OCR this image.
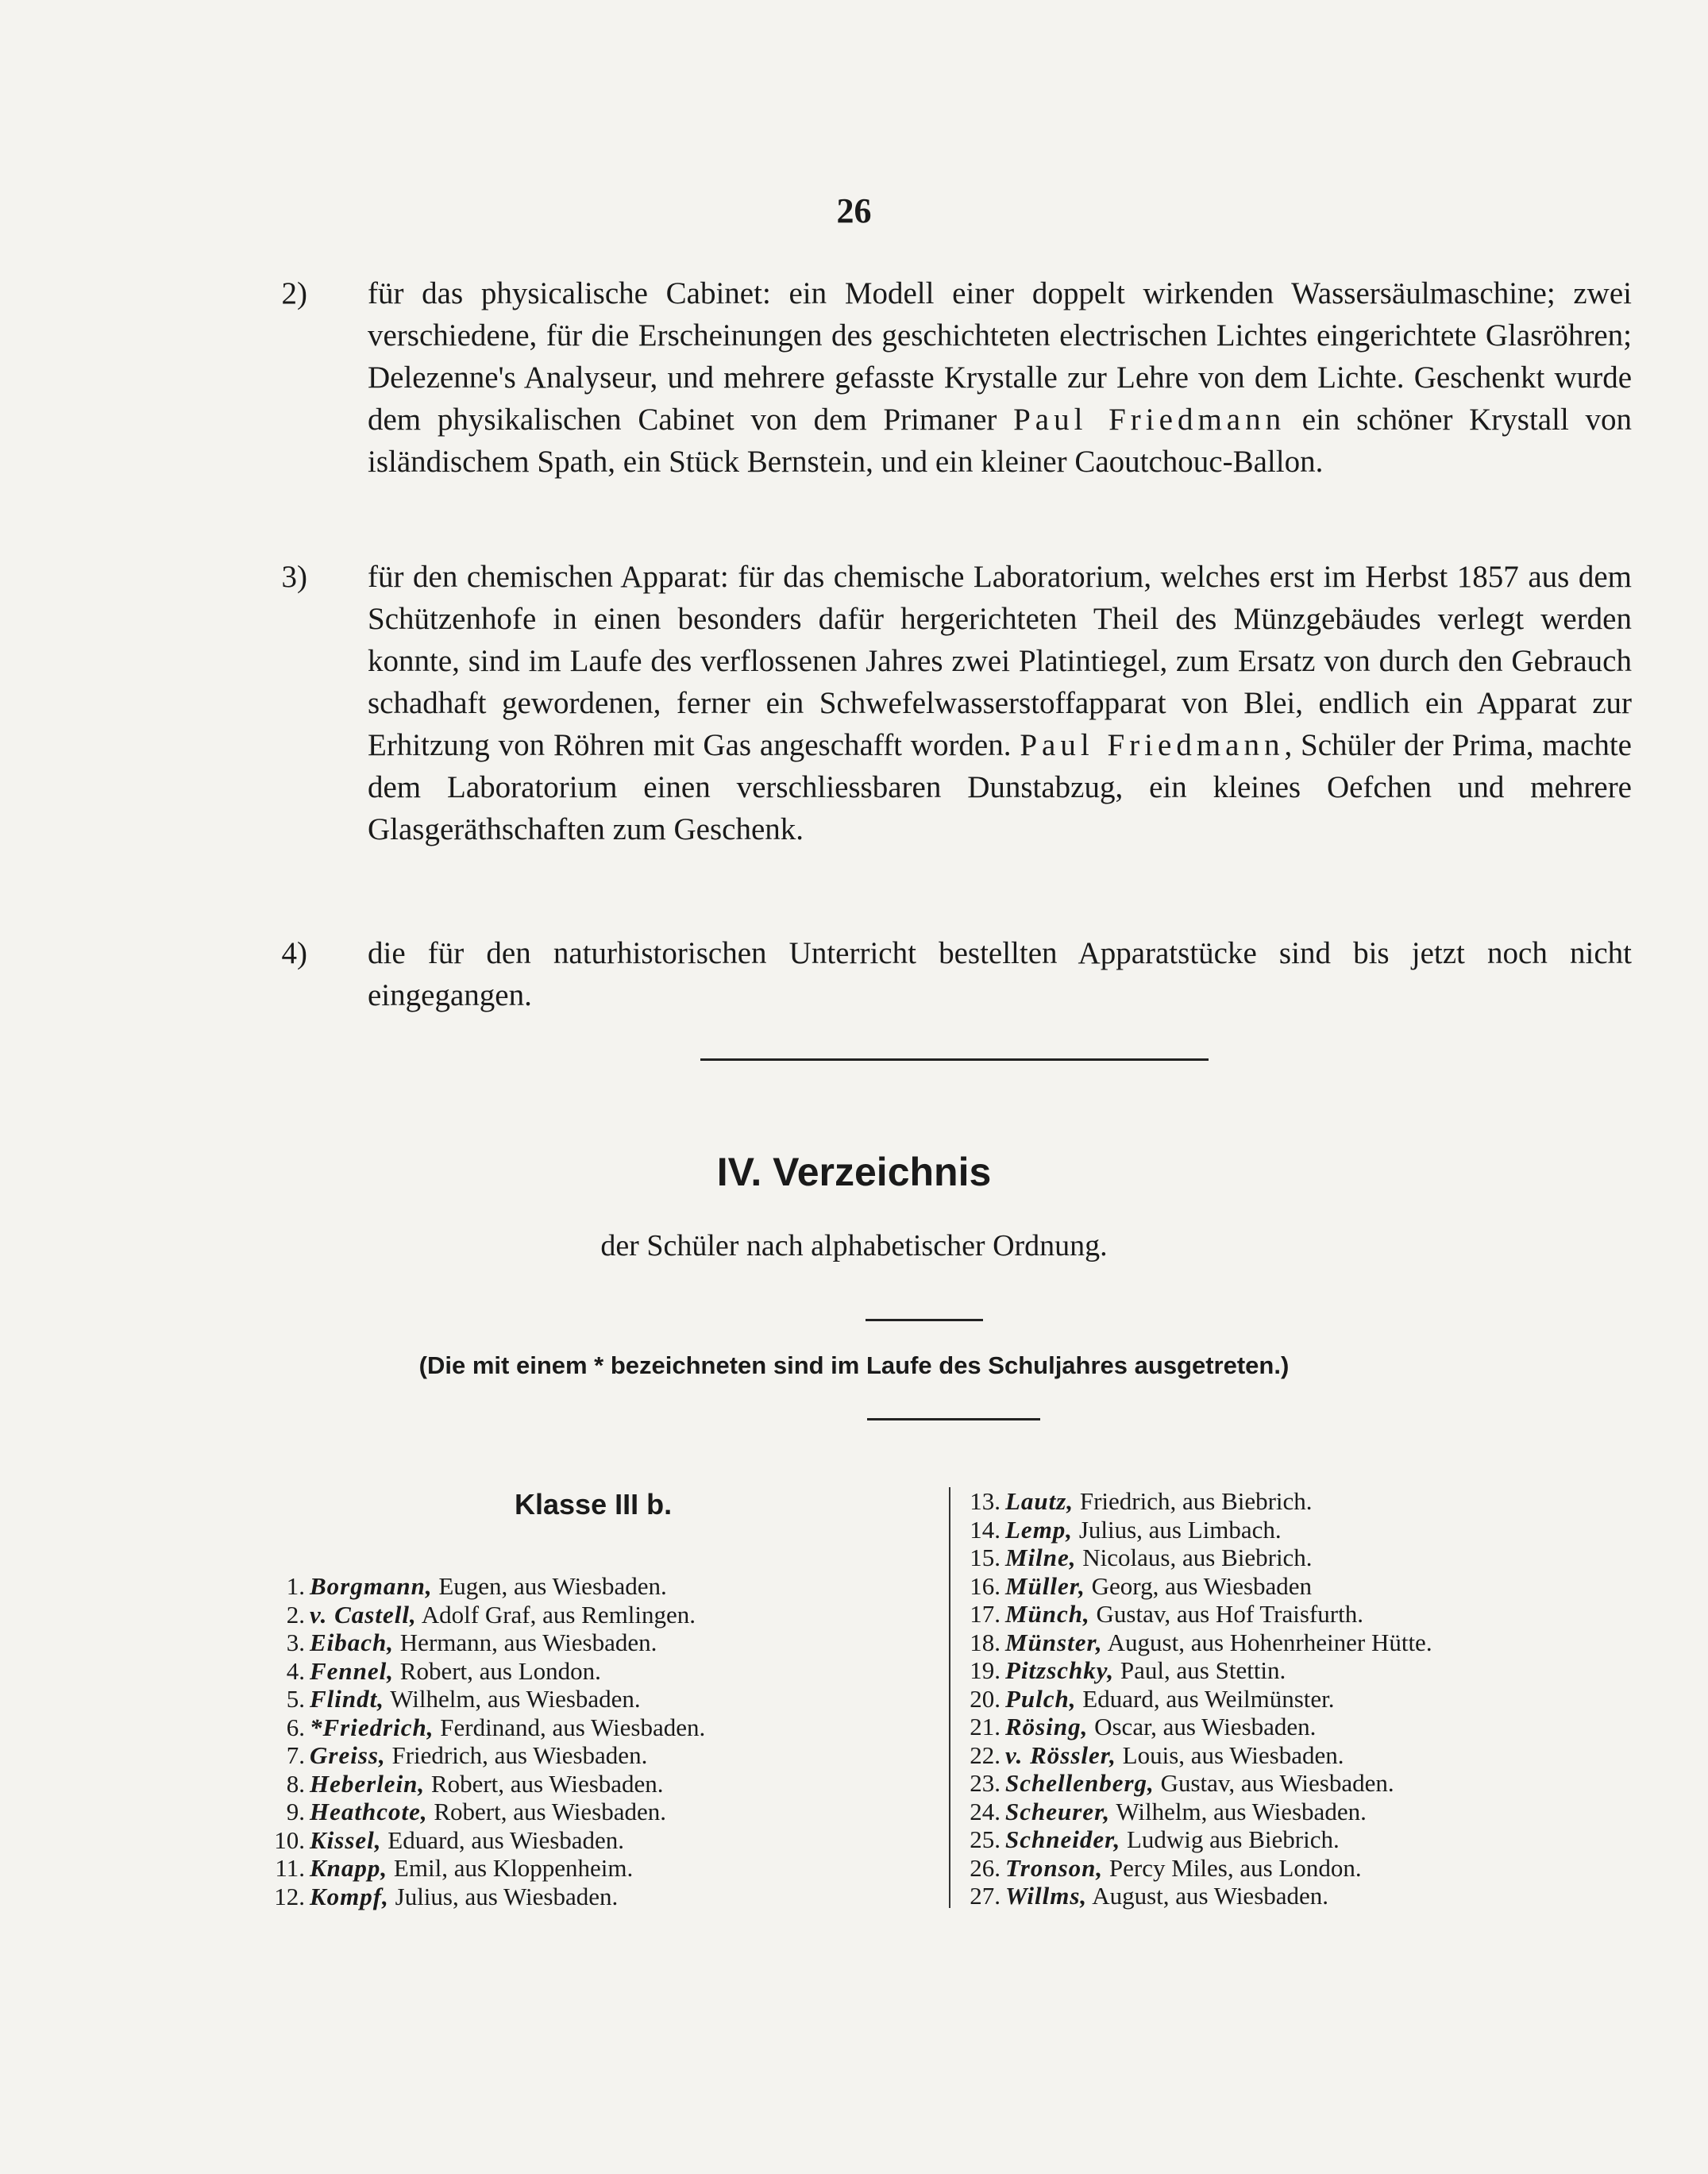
26
2)	für das physicalische Cabinet: ein Modell einer doppelt wirkenden Wassersäulmaschine; zwei verschiedene, für die Erscheinungen des geschichteten electrischen Lichtes eingerichtete Glasröhren; Delezenne's Analyseur, und mehrere gefasste Krystalle zur Lehre von dem Lichte. Geschenkt wurde dem physikalischen Cabinet von dem Primaner Paul Friedmann ein schöner Krystall von isländischem Spath, ein Stück Bernstein, und ein kleiner Caoutchouc-Ballon.
3)	für den chemischen Apparat: für das chemische Laboratorium, welches erst im Herbst 1857 aus dem Schützenhofe in einen besonders dafür hergerichteten Theil des Münzgebäudes verlegt werden konnte, sind im Laufe des verflossenen Jahres zwei Platintiegel, zum Ersatz von durch den Gebrauch schadhaft gewordenen, ferner ein Schwefelwasserstoffapparat von Blei, endlich ein Apparat zur Erhitzung von Röhren mit Gas angeschafft worden. Paul Friedmann, Schüler der Prima, machte dem Laboratorium einen verschliessbaren Dunstabzug, ein kleines Oefchen und mehrere Glasgeräthschaften zum Geschenk.
4)	die für den naturhistorischen Unterricht bestellten Apparatstücke sind bis jetzt noch nicht eingegangen.
IV. Verzeichnis
der Schüler nach alphabetischer Ordnung.
(Die mit einem * bezeichneten sind im Laufe des Schuljahres ausgetreten.)
Klasse III b.
1. Borgmann, Eugen, aus Wiesbaden.
2. v. Castell, Adolf Graf, aus Remlingen.
3. Eibach, Hermann, aus Wiesbaden.
4. Fennel, Robert, aus London.
5. Flindt, Wilhelm, aus Wiesbaden.
6. *Friedrich, Ferdinand, aus Wiesbaden.
7. Greiss, Friedrich, aus Wiesbaden.
8. Heberlein, Robert, aus Wiesbaden.
9. Heathcote, Robert, aus Wiesbaden.
10. Kissel, Eduard, aus Wiesbaden.
11. Knapp, Emil, aus Kloppenheim.
12. Kompf, Julius, aus Wiesbaden.
13. Lautz, Friedrich, aus Biebrich.
14. Lemp, Julius, aus Limbach.
15. Milne, Nicolaus, aus Biebrich.
16. Müller, Georg, aus Wiesbaden
17. Münch, Gustav, aus Hof Traisfurth.
18. Münster, August, aus Hohenrheiner Hütte.
19. Pitzschky, Paul, aus Stettin.
20. Pulch, Eduard, aus Weilmünster.
21. Rösing, Oscar, aus Wiesbaden.
22. v. Rössler, Louis, aus Wiesbaden.
23. Schellenberg, Gustav, aus Wiesbaden.
24. Scheurer, Wilhelm, aus Wiesbaden.
25. Schneider, Ludwig aus Biebrich.
26. Tronson, Percy Miles, aus London.
27. Willms, August, aus Wiesbaden.
